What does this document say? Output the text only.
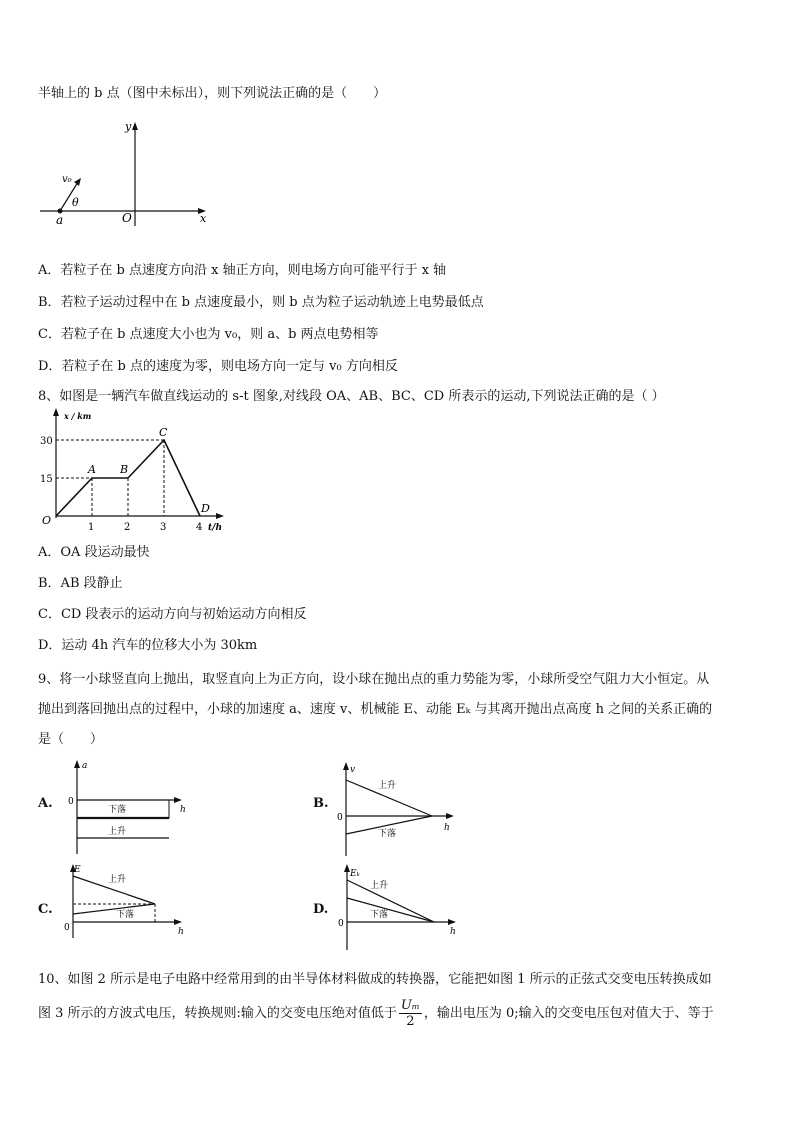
半轴上的 b 点（图中未标出），则下列说法正确的是（　　）
y
x
O
a
v₀
θ
A．若粒子在 b 点速度方向沿 x 轴正方向，则电场方向可能平行于 x 轴
B．若粒子运动过程中在 b 点速度最小，则 b 点为粒子运动轨迹上电势最低点
C．若粒子在 b 点速度大小也为 v₀，则 a、b 两点电势相等
D．若粒子在 b 点的速度为零，则电场方向一定与 v₀ 方向相反
8、如图是一辆汽车做直线运动的 s-t 图象,对线段 OA、AB、BC、CD 所表示的运动,下列说法正确的是（ ）
x / km
t/h
O
30
15
1	2	3	4
A B
C
D
A．OA 段运动最快
B．AB 段静止
C．CD 段表示的运动方向与初始运动方向相反
D．运动 4h 汽车的位移大小为 30km
9、将一小球竖直向上抛出，取竖直向上为正方向，设小球在抛出点的重力势能为零，小球所受空气阻力大小恒定。从
抛出到落回抛出点的过程中，小球的加速度 a、速度 v、机械能 E、动能 Eₖ 与其离开抛出点高度 h 之间的关系正确的
是（　　）
A.
a
h
0
下落
上升
B.
v
h
0
上升
下落
C.
E
h
0
上升
下落	D.
Eₖ
h
0
上升
下落
10、如图 2 所示是电子电路中经常用到的由半导体材料做成的转换器，它能把如图 1 所示的正弦式交变电压转换成如
图 3 所示的方波式电压，转换规则:输入的交变电压绝对值低于 $\frac{\text{Uₘ}}{2}$ ，输出电压为 0;输入的交变电压包对值大于、等于
